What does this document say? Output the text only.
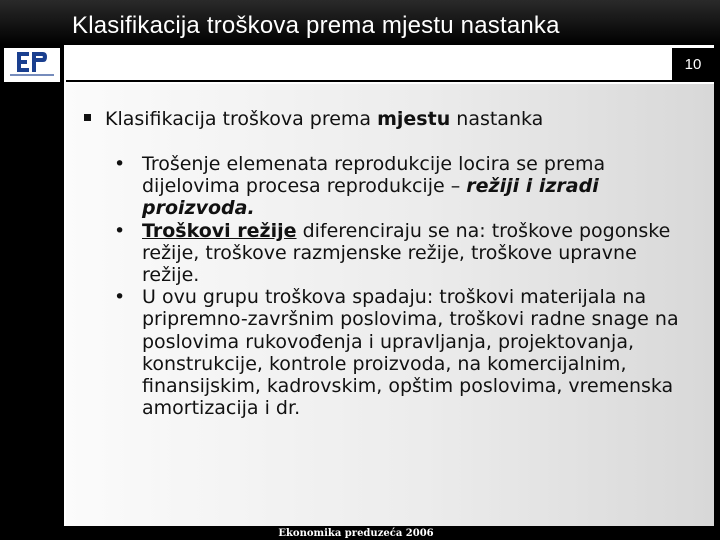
Klasifikacija troškova prema mjestu nastanka
10
Klasifikacija troškova prema mjestu nastanka

• Trošenje elemenata reprodukcije locira se prema dijelovima procesa reprodukcije – režiji i izradi proizvoda.

• Troškovi režije diferenciraju se na: troškove pogonske režije, troškove razmjenske režije, troškove upravne režije.

• U ovu grupu troškova spadaju: troškovi materijala na pripremno-završnim poslovima, troškovi radne snage na poslovima rukovođenja i upravljanja, projektovanja, konstrukcije, kontrole proizvoda, na komercijalnim, finansijskim, kadrovskim, opštim poslovima, vremenska amortizacija i dr.

Ekonomika preduzeća 2006
